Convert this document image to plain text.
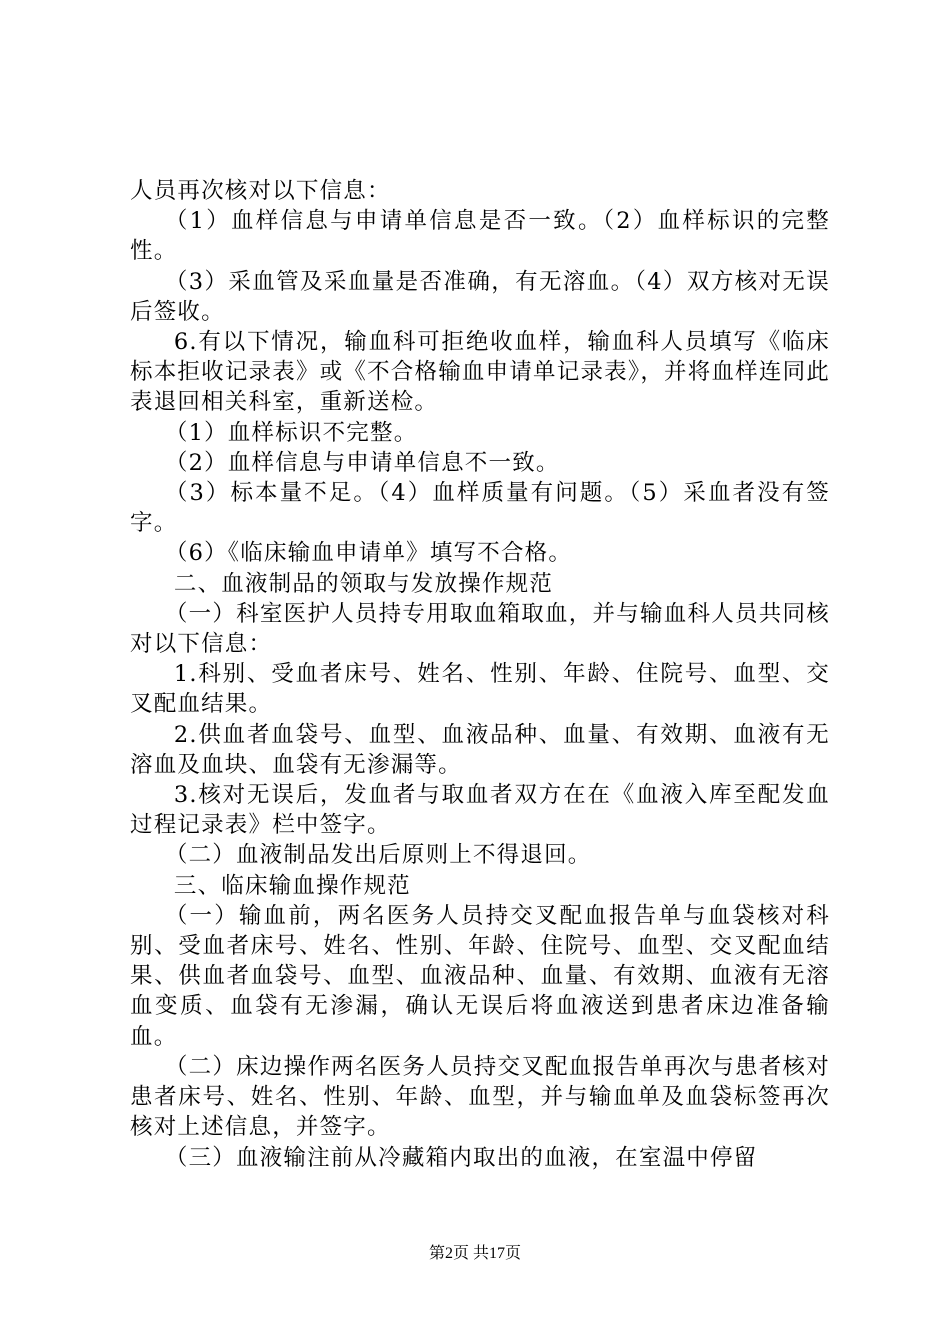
人员再次核对以下信息：

（1）血样信息与申请单信息是否一致。（2）血样标识的完整性。

（3）采血管及采血量是否准确，有无溶血。（4）双方核对无误后签收。

6.有以下情况，输血科可拒绝收血样，输血科人员填写《临床标本拒收记录表》或《不合格输血申请单记录表》，并将血样连同此表退回相关科室，重新送检。

（1）血样标识不完整。

（2）血样信息与申请单信息不一致。

（3）标本量不足。（4）血样质量有问题。（5）采血者没有签字。

（6）《临床输血申请单》填写不合格。

二、血液制品的领取与发放操作规范

（一）科室医护人员持专用取血箱取血，并与输血科人员共同核对以下信息：

1.科别、受血者床号、姓名、性别、年龄、住院号、血型、交叉配血结果。

2.供血者血袋号、血型、血液品种、血量、有效期、血液有无溶血及血块、血袋有无渗漏等。

3.核对无误后，发血者与取血者双方在在《血液入库至配发血过程记录表》栏中签字。

（二）血液制品发出后原则上不得退回。

三、临床输血操作规范

（一）输血前，两名医务人员持交叉配血报告单与血袋核对科别、受血者床号、姓名、性别、年龄、住院号、血型、交叉配血结果、供血者血袋号、血型、血液品种、血量、有效期、血液有无溶血变质、血袋有无渗漏，确认无误后将血液送到患者床边准备输血。

（二）床边操作两名医务人员持交叉配血报告单再次与患者核对患者床号、姓名、性别、年龄、血型，并与输血单及血袋标签再次核对上述信息，并签字。

（三）血液输注前从冷藏箱内取出的血液，在室温中停留

第2页 共17页
